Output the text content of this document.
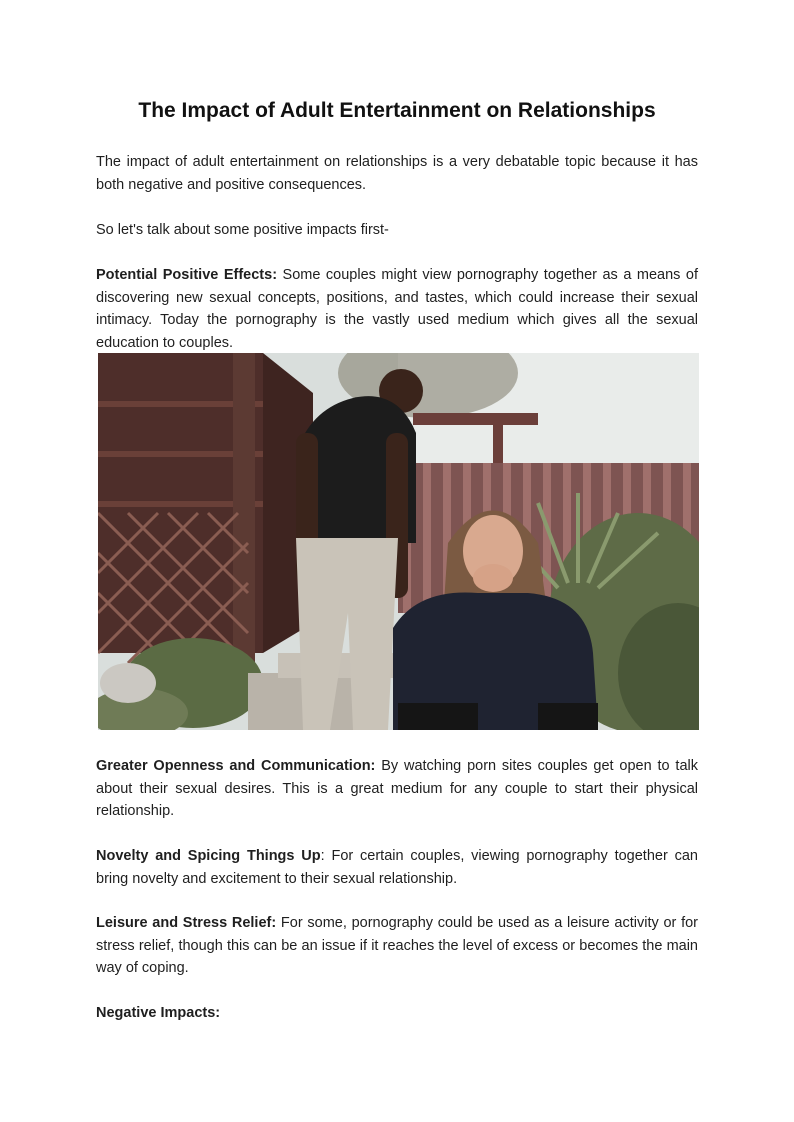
The Impact of Adult Entertainment on Relationships

The impact of adult entertainment on relationships is a very debatable topic because it has both negative and positive consequences.

So let's talk about some positive impacts first-

Potential Positive Effects: Some couples might view pornography together as a means of discovering new sexual concepts, positions, and tastes, which could increase their sexual intimacy. Today the pornography is the vastly used medium which gives all the sexual education to couples.

Greater Openness and Communication: By watching porn sites couples get open to talk about their sexual desires. This is a great medium for any couple to start their physical relationship.

Novelty and Spicing Things Up: For certain couples, viewing pornography together can bring novelty and excitement to their sexual relationship.

Leisure and Stress Relief: For some, pornography could be used as a leisure activity or for stress relief, though this can be an issue if it reaches the level of excess or becomes the main way of coping.

Negative Impacts:
